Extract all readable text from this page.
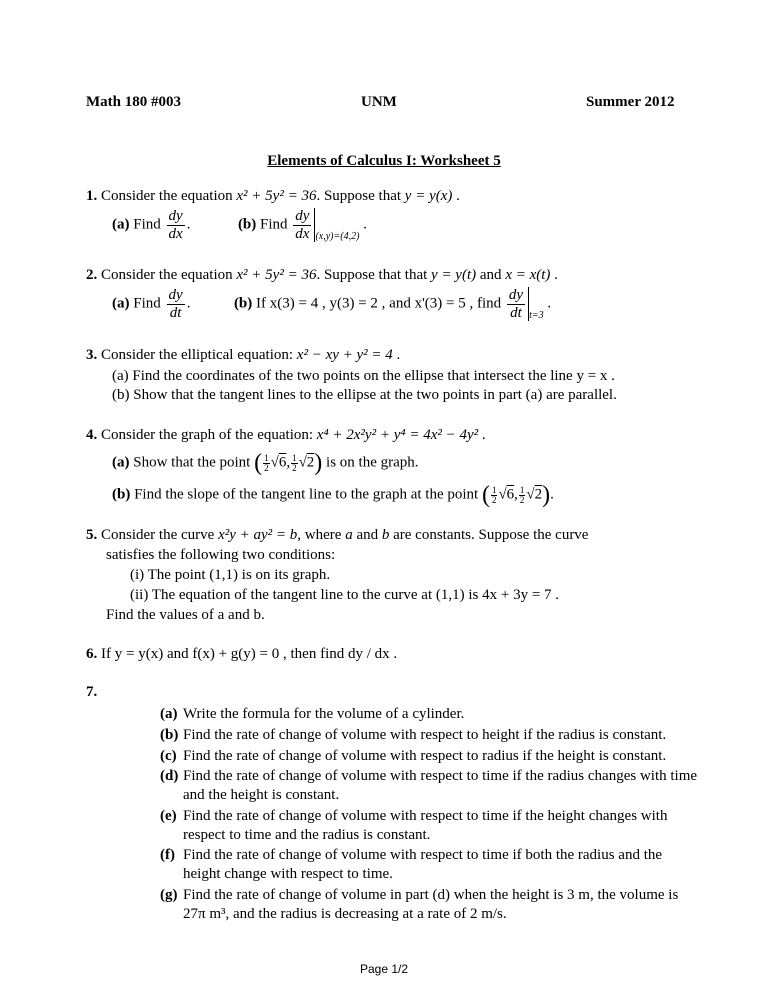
Math 180 #003	UNM	Summer 2012
Elements of Calculus I: Worksheet 5
1. Consider the equation x² + 5y² = 36. Suppose that y = y(x) .
(a) Find $\frac{dy}{dx}$ .	(b) Find $\frac{dy}{dx} _{(x,y)=(4,2)}$ .
2. Consider the equation x² + 5y² = 36. Suppose that that y = y(t) and x = x(t) .
(a) Find $\frac{dy}{dt}$ .	(b) If x(3) = 4 , y(3) = 2 , and x'(3) = 5 , find $\frac{dy}{dt} _{t=3}$ .
3. Consider the elliptical equation: x² − xy + y² = 4 .
(a) Find the coordinates of the two points on the ellipse that intersect the line y = x .
(b) Show that the tangent lines to the ellipse at the two points in part (a) are parallel.
4. Consider the graph of the equation: x⁴ + 2x²y² + y⁴ = 4x² − 4y² .
(a) Show that the point ( $\frac{1}{2} √6$, $\frac{1}{2} √2$) is on the graph.
(b) Find the slope of the tangent line to the graph at the point ( $\frac{1}{2} √6$, $\frac{1}{2} √2$).
5. Consider the curve x²y + ay² = b, where a and b are constants. Suppose the curve
satisfies the following two conditions:
(i) The point (1,1) is on its graph.
(ii) The equation of the tangent line to the curve at (1,1) is 4x + 3y = 7 .
Find the values of a and b.
6. If y = y(x) and f(x) + g(y) = 0 , then find dy / dx .
7.
(a) Write the formula for the volume of a cylinder.
(b) Find the rate of change of volume with respect to height if the radius is constant.
(c) Find the rate of change of volume with respect to radius if the height is constant.
(d) Find the rate of change of volume with respect to time if the radius changes with time and the height is constant.
(e) Find the rate of change of volume with respect to time if the height changes with respect to time and the radius is constant.
(f) Find the rate of change of volume with respect to time if both the radius and the height change with respect to time.
(g) Find the rate of change of volume in part (d) when the height is 3 m, the volume is 27π m³, and the radius is decreasing at a rate of 2 m/s.
Page 1/2
